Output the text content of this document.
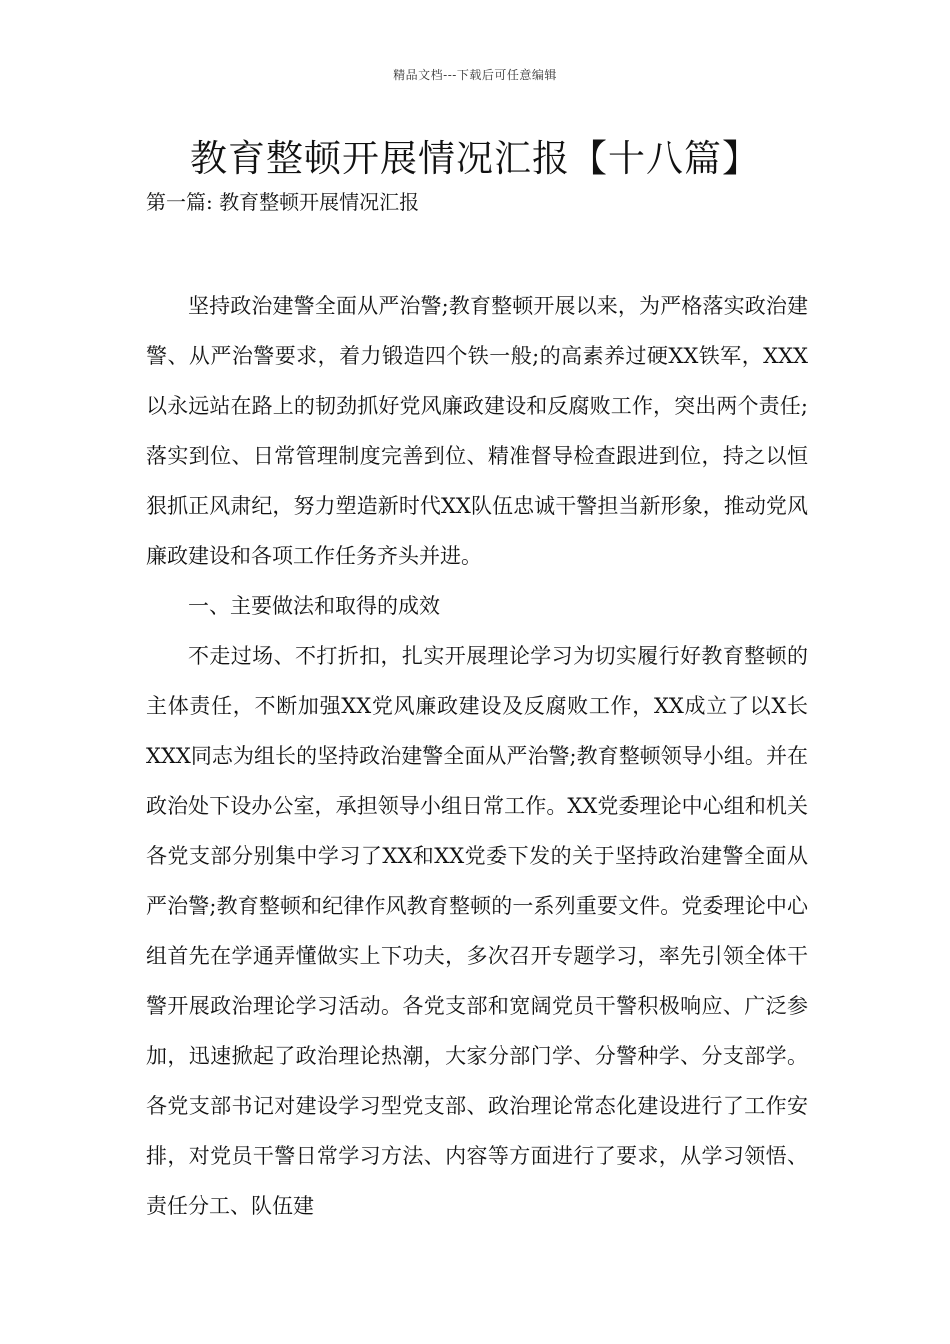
精品文档---下载后可任意编辑
教育整顿开展情况汇报【十八篇】
第一篇: 教育整顿开展情况汇报

坚持政治建警全面从严治警;教育整顿开展以来，为严格落实政治建警、从严治警要求，着力锻造四个铁一般;的高素养过硬XX铁军，XXX以永远站在路上的韧劲抓好党风廉政建设和反腐败工作，突出两个责任;落实到位、日常管理制度完善到位、精准督导检查跟进到位，持之以恒狠抓正风肃纪，努力塑造新时代XX队伍忠诚干警担当新形象，推动党风廉政建设和各项工作任务齐头并进。

一、主要做法和取得的成效

不走过场、不打折扣，扎实开展理论学习为切实履行好教育整顿的主体责任，不断加强XX党风廉政建设及反腐败工作，XX成立了以X长XXX同志为组长的坚持政治建警全面从严治警;教育整顿领导小组。并在政治处下设办公室，承担领导小组日常工作。XX党委理论中心组和机关各党支部分别集中学习了XX和XX党委下发的关于坚持政治建警全面从严治警;教育整顿和纪律作风教育整顿的一系列重要文件。党委理论中心组首先在学通弄懂做实上下功夫，多次召开专题学习，率先引领全体干警开展政治理论学习活动。各党支部和宽阔党员干警积极响应、广泛参加，迅速掀起了政治理论热潮，大家分部门学、分警种学、分支部学。各党支部书记对建设学习型党支部、政治理论常态化建设进行了工作安排，对党员干警日常学习方法、内容等方面进行了要求，从学习领悟、责任分工、队伍建
